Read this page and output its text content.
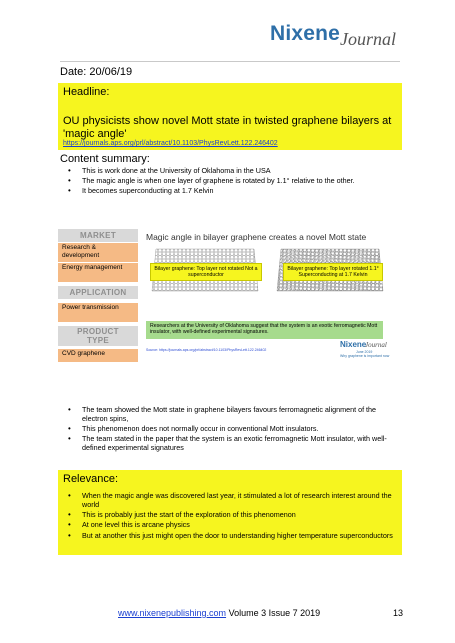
Nixene Journal
Date: 20/06/19
Headline:
OU physicists show novel Mott state in twisted graphene bilayers at 'magic angle'
https://journals.aps.org/prl/abstract/10.1103/PhysRevLett.122.246402
Content summary:
• This is work done at the University of Oklahoma in the USA
• The magic angle is when one layer of graphene is rotated by 1.1° relative to the other.
• It becomes superconducting at 1.7 Kelvin
MARKET
Research & development
Energy management
APPLICATION
Power transmission
PRODUCT TYPE
CVD graphene
Magic angle in bilayer graphene creates a novel Mott state
Bilayer graphene: Top layer not rotated Not a superconductor
Bilayer graphene: Top layer rotated 1.1° Superconducting at 1.7 Kelvin
Researchers at the University of Oklahoma suggest that the system is an exotic ferromagnetic Mott insulator, with well-defined experimental signatures.
Source: https://journals.aps.org/prl/abstract/10.1103/PhysRevLett.122.246402
Nixene
Journal
June 2019
Why graphene is important now
• The team showed the Mott state in graphene bilayers favours ferromagnetic alignment of the electron spins,
• This phenomenon does not normally occur in conventional Mott insulators.
• The team stated in the paper that the system is an exotic ferromagnetic Mott insulator, with well-defined experimental signatures
Relevance:
• When the magic angle was discovered last year, it stimulated a lot of research interest around the world
• This is probably just the start of the exploration of this phenomenon
• At one level this is arcane physics
• But at another this just might open the door to understanding higher temperature superconductors
www.nixenepublishing.com Volume 3 Issue 7 2019	13
